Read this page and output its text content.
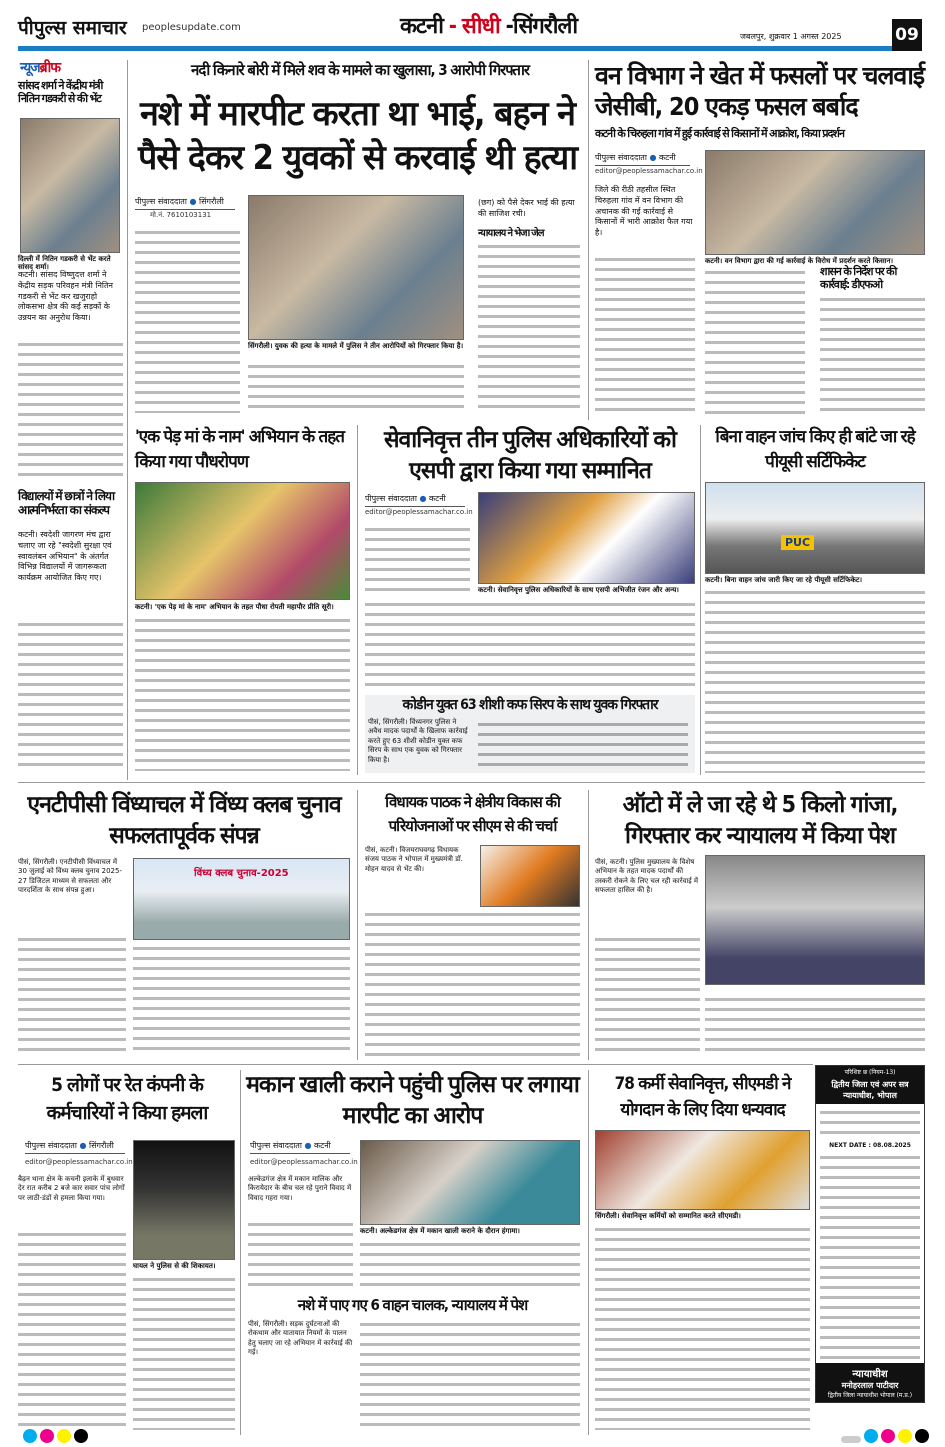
पीपुल्स समाचार peoplesupdate.com	कटनी - सीधी -सिंगरौली	जबलपुर, शुक्रवार 1 अगस्त 2025	09
न्यूजब्रीफ
सांसद शर्मा ने केंद्रीय मंत्री नितिन गडकरी से की भेंट
दिल्ली में नितिन गडकरी से भेंट करते सांसद शर्मा।
कटनी। सांसद विष्णुदत्त शर्मा ने केंद्रीय सड़क परिवहन मंत्री नितिन गडकरी से भेंट कर खजुराहो लोकसभा क्षेत्र की कई सड़कों के उन्नयन का अनुरोध किया।
विद्यालयों में छात्रों ने लिया आत्मनिर्भरता का संकल्प
कटनी। स्वदेशी जागरण मंच द्वारा चलाए जा रहे "स्वदेशी सुरक्षा एवं स्वावलंबन अभियान" के अंतर्गत विभिन्न विद्यालयों में जागरूकता कार्यक्रम आयोजित किए गए।
नदी किनारे बोरी में मिले शव के मामले का खुलासा, 3 आरोपी गिरफ्तार
नशे में मारपीट करता था भाई, बहन ने पैसे देकर 2 युवकों से करवाई थी हत्या
पीपुल्स संवाददाता ● सिंगरौली
मो.नं. 7610103131
सिंगरौली। युवक की हत्या के मामले में पुलिस ने तीन आरोपियों को गिरफ्तार किया है।
(छग) को पैसे देकर भाई की हत्या की साजिश रची।
न्यायालय ने भेजा जेल
वन विभाग ने खेत में फसलों पर चलवाई जेसीबी, 20 एकड़ फसल बर्बाद
कटनी के चिरुहला गांव में हुई कार्रवाई से किसानों में आक्रोश, किया प्रदर्शन
पीपुल्स संवाददाता ● कटनी
editor@peoplessamachar.co.in
जिले की रीठी तहसील स्थित चिरुहला गांव में वन विभाग की अचानक की गई कार्रवाई से किसानों में भारी आक्रोश फैल गया है।
कटनी। वन विभाग द्वारा की गई कार्रवाई के विरोध में प्रदर्शन करते किसान।
शासन के निर्देश पर की कार्रवाई: डीएफओ
'एक पेड़ मां के नाम' अभियान के तहत किया गया पौधरोपण
कटनी। 'एक पेड़ मां के नाम' अभियान के तहत पौधा रोपती महापौर प्रीति सूरी।
सेवानिवृत्त तीन पुलिस अधिकारियों को एसपी द्वारा किया गया सम्मानित
पीपुल्स संवाददाता ● कटनी
editor@peoplessamachar.co.in
कटनी। सेवानिवृत्त पुलिस अधिकारियों के साथ एसपी अभिजीत रंजन और अन्य।
कोडीन युक्त 63 शीशी कफ सिरप के साथ युवक गिरफ्तार
पीसं, सिंगरौली। विंध्यनगर पुलिस ने अवैध मादक पदार्थों के खिलाफ कार्रवाई करते हुए 63 शीशी कोडीन युक्त कफ सिरप के साथ एक युवक को गिरफ्तार किया है।
बिना वाहन जांच किए ही बांटे जा रहे पीयूसी सर्टिफिकेट
PUC
कटनी। बिना वाहन जांच जारी किए जा रहे पीयूसी सर्टिफिकेट।
एनटीपीसी विंध्याचल में विंध्य क्लब चुनाव सफलतापूर्वक संपन्न
पीसं, सिंगरौली। एनटीपीसी विंध्याचल में 30 जुलाई को विंध्य क्लब चुनाव 2025-27 डिजिटल माध्यम से सफलता और पारदर्शिता के साथ संपन्न हुआ।
विंध्य क्लब चुनाव-2025
विधायक पाठक ने क्षेत्रीय विकास की परियोजनाओं पर सीएम से की चर्चा
पीसं, कटनी। विजयराघवगढ़ विधायक संजय पाठक ने भोपाल में मुख्यमंत्री डॉ. मोहन यादव से भेंट की।
ऑटो में ले जा रहे थे 5 किलो गांजा, गिरफ्तार कर न्यायालय में किया पेश
पीसं, कटनी। पुलिस मुख्यालय के विशेष अभियान के तहत मादक पदार्थों की तस्करी रोकने के लिए चल रही कार्रवाई में सफलता हासिल की है।
5 लोगों पर रेत कंपनी के कर्मचारियों ने किया हमला
पीपुल्स संवाददाता ● सिंगरौली
editor@peoplessamachar.co.in
बैढ़न थाना क्षेत्र के कचनी इलाके में बुधवार देर रात करीब 2 बजे कार सवार पांच लोगों पर लाठी-डंडों से हमला किया गया।
घायल ने पुलिस से की शिकायत।
मकान खाली कराने पहुंची पुलिस पर लगाया मारपीट का आरोप
पीपुल्स संवाददाता ● कटनी
editor@peoplessamachar.co.in
अल्केडगंज क्षेत्र में मकान मालिक और किरायेदार के बीच चल रहे पुराने विवाद में विवाद गहरा गया।
कटनी। अल्केडगंज क्षेत्र में मकान खाली कराने के दौरान हंगामा।
नशे में पाए गए 6 वाहन चालक, न्यायालय में पेश
पीसं, सिंगरौली। सड़क दुर्घटनाओं की रोकथाम और यातायात नियमों के पालन हेतु चलाए जा रहे अभियान में कार्रवाई की गई।
78 कर्मी सेवानिवृत्त, सीएमडी ने योगदान के लिए दिया धन्यवाद
सिंगरौली। सेवानिवृत्त कर्मियों को सम्मानित करते सीएमडी।
परिशिष्ट छ (नियम-13)
द्वितीय जिला एवं अपर सत्र न्यायाधीश, भोपाल
NEXT DATE : 08.08.2025
न्यायाधीश
मनोहरलाल पाटीदार
द्वितीय जिला न्यायाधीश भोपाल (म.प्र.)
